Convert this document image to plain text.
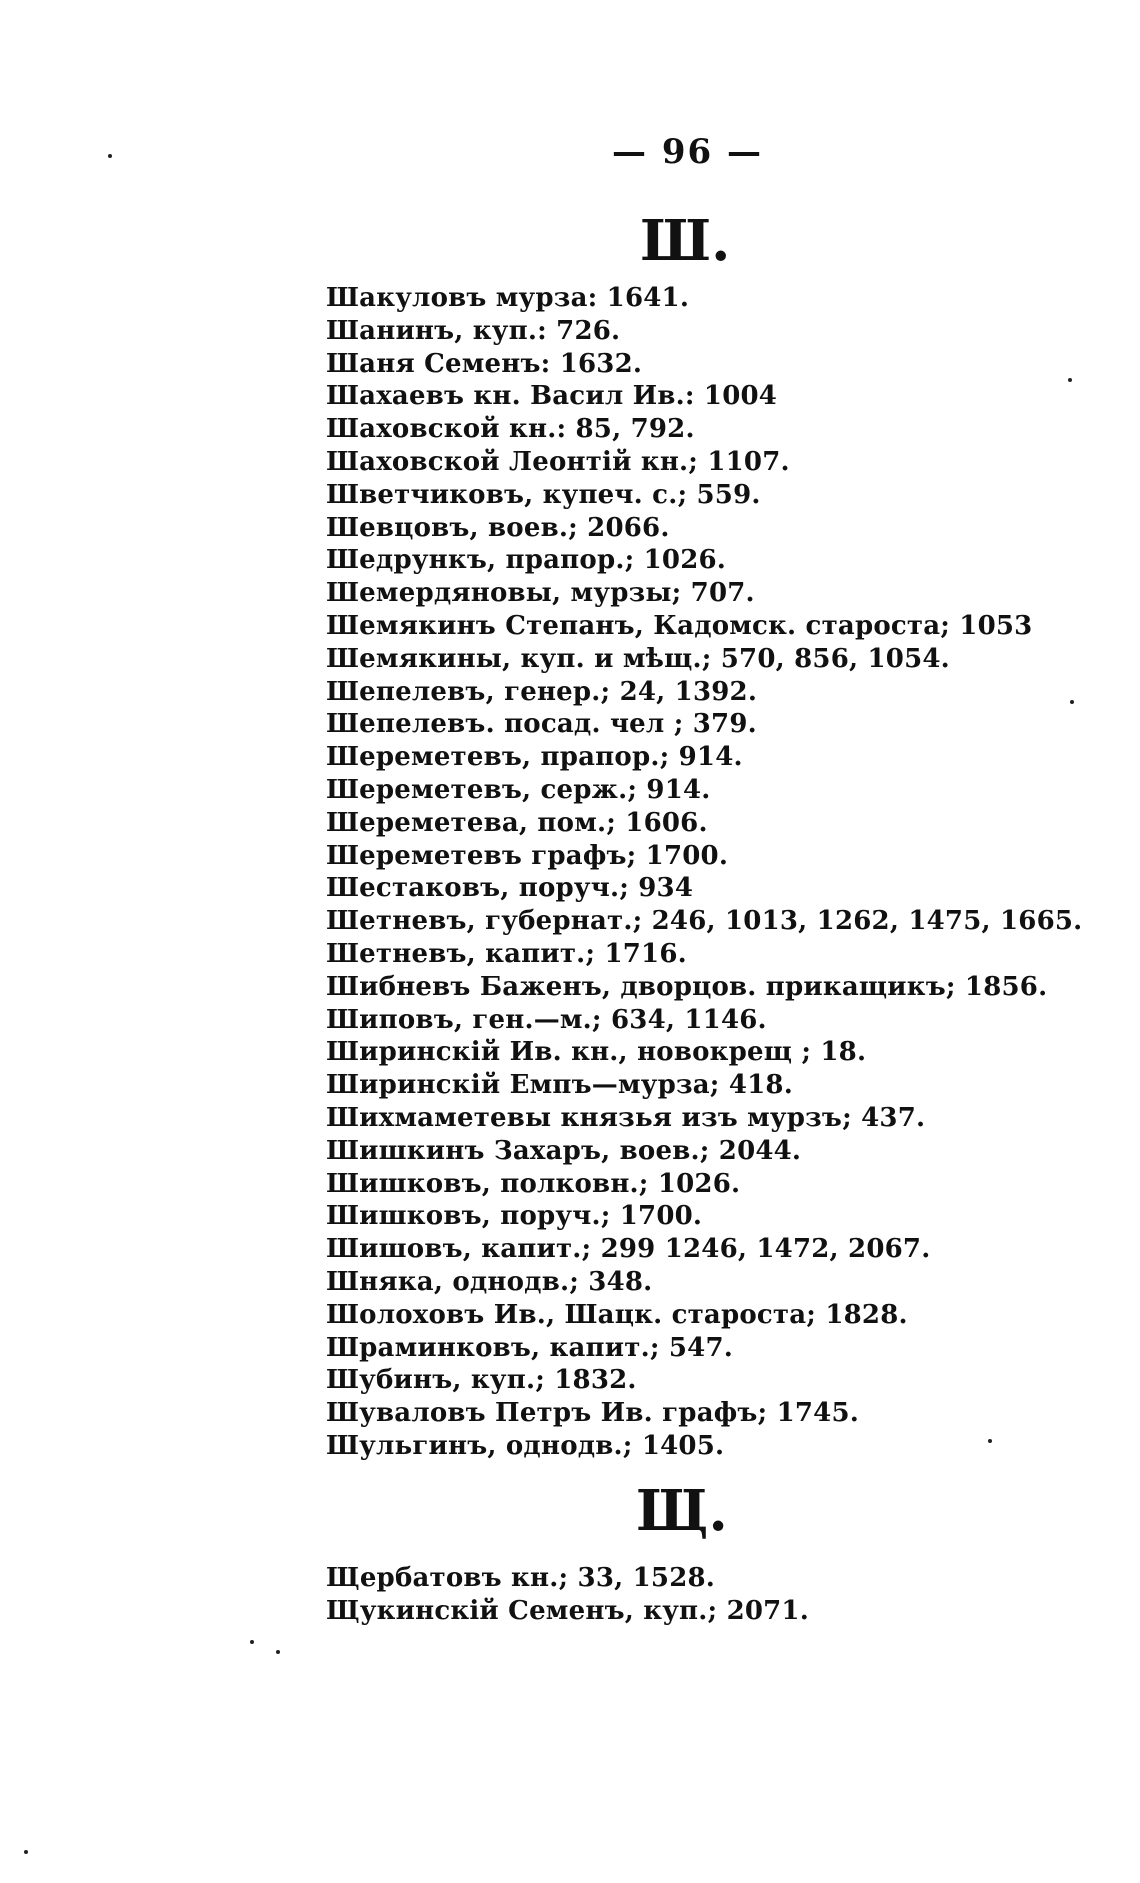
— 96 —
Ш.
Шакуловъ мурза: 1641.
Шанинъ, куп.: 726.
Шаня Семенъ: 1632.
Шахаевъ кн. Васил Ив.: 1004
Шаховской кн.: 85, 792.
Шаховской Леонтій кн.; 1107.
Шветчиковъ, купеч. с.; 559.
Шевцовъ, воев.; 2066.
Шедрункъ, прапор.; 1026.
Шемердяновы, мурзы; 707.
Шемякинъ Степанъ, Кадомск. староста; 1053
Шемякины, куп. и мѣщ.; 570, 856, 1054.
Шепелевъ, генер.; 24, 1392.
Шепелевъ. посад. чел ; 379.
Шереметевъ, прапор.; 914.
Шереметевъ, серж.; 914.
Шереметева, пом.; 1606.
Шереметевъ графъ; 1700.
Шестаковъ, поруч.; 934
Шетневъ, губернат.; 246, 1013, 1262, 1475, 1665.
Шетневъ, капит.; 1716.
Шибневъ Баженъ, дворцов. прикащикъ; 1856.
Шиповъ, ген.—м.; 634, 1146.
Ширинскій Ив. кн., новокрещ ; 18.
Ширинскій Емпъ—мурза; 418.
Шихмаметевы князья изъ мурзъ; 437.
Шишкинъ Захаръ, воев.; 2044.
Шишковъ, полковн.; 1026.
Шишковъ, поруч.; 1700.
Шишовъ, капит.; 299 1246, 1472, 2067.
Шняка, однодв.; 348.
Шолоховъ Ив., Шацк. староста; 1828.
Шраминковъ, капит.; 547.
Шубинъ, куп.; 1832.
Шуваловъ Петръ Ив. графъ; 1745.
Шульгинъ, однодв.; 1405.
Щ.
Щербатовъ кн.; 33, 1528.
Щукинскій Семенъ, куп.; 2071.
